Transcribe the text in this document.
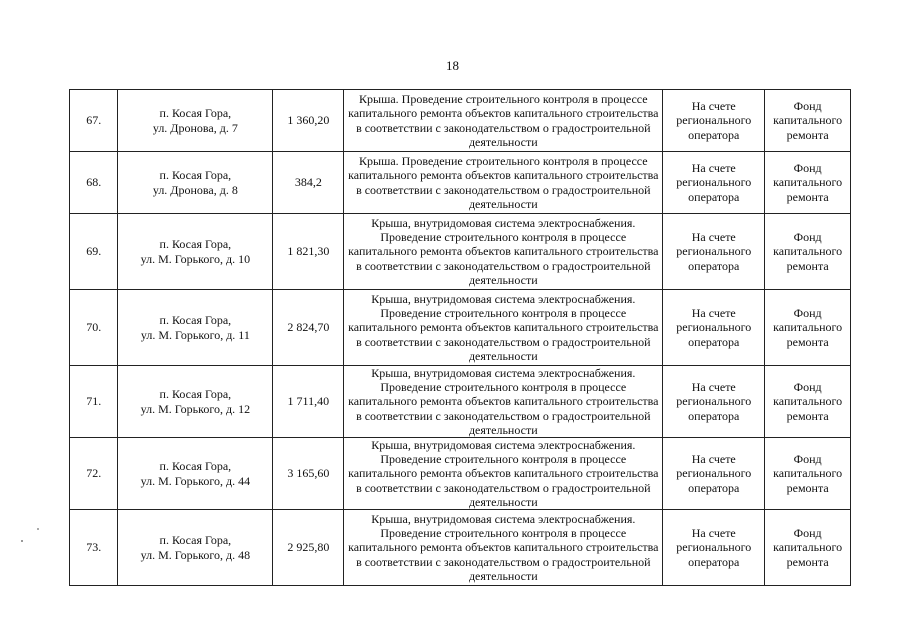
18
67.	п. Косая Гора,
ул. Дронова, д. 7	1 360,20	Крыша. Проведение строительного контроля в процессе капитального ремонта объектов капитального строительства в соответствии с законодательством о градостроительной деятельности	На счете регионального оператора	Фонд капитального ремонта
68.	п. Косая Гора,
ул. Дронова, д. 8	384,2	Крыша. Проведение строительного контроля в процессе капитального ремонта объектов капитального строительства в соответствии с законодательством о градостроительной деятельности	На счете регионального оператора	Фонд капитального ремонта
69.	п. Косая Гора,
ул. М. Горького, д. 10	1 821,30	Крыша, внутридомовая система электроснабжения. Проведение строительного контроля в процессе капитального ремонта объектов капитального строительства в соответствии с законодательством о градостроительной деятельности	На счете регионального оператора	Фонд капитального ремонта
70.	п. Косая Гора,
ул. М. Горького, д. 11	2 824,70	Крыша, внутридомовая система электроснабжения. Проведение строительного контроля в процессе капитального ремонта объектов капитального строительства в соответствии с законодательством о градостроительной деятельности	На счете регионального оператора	Фонд капитального ремонта
71.	п. Косая Гора,
ул. М. Горького, д. 12	1 711,40	Крыша, внутридомовая система электроснабжения. Проведение строительного контроля в процессе капитального ремонта объектов капитального строительства в соответствии с законодательством о градостроительной деятельности	На счете регионального оператора	Фонд капитального ремонта
72.	п. Косая Гора,
ул. М. Горького, д. 44	3 165,60	Крыша, внутридомовая система электроснабжения. Проведение строительного контроля в процессе капитального ремонта объектов капитального строительства в соответствии с законодательством о градостроительной деятельности	На счете регионального оператора	Фонд капитального ремонта
73.	п. Косая Гора,
ул. М. Горького, д. 48	2 925,80	Крыша, внутридомовая система электроснабжения. Проведение строительного контроля в процессе капитального ремонта объектов капитального строительства в соответствии с законодательством о градостроительной деятельности	На счете регионального оператора	Фонд капитального ремонта
